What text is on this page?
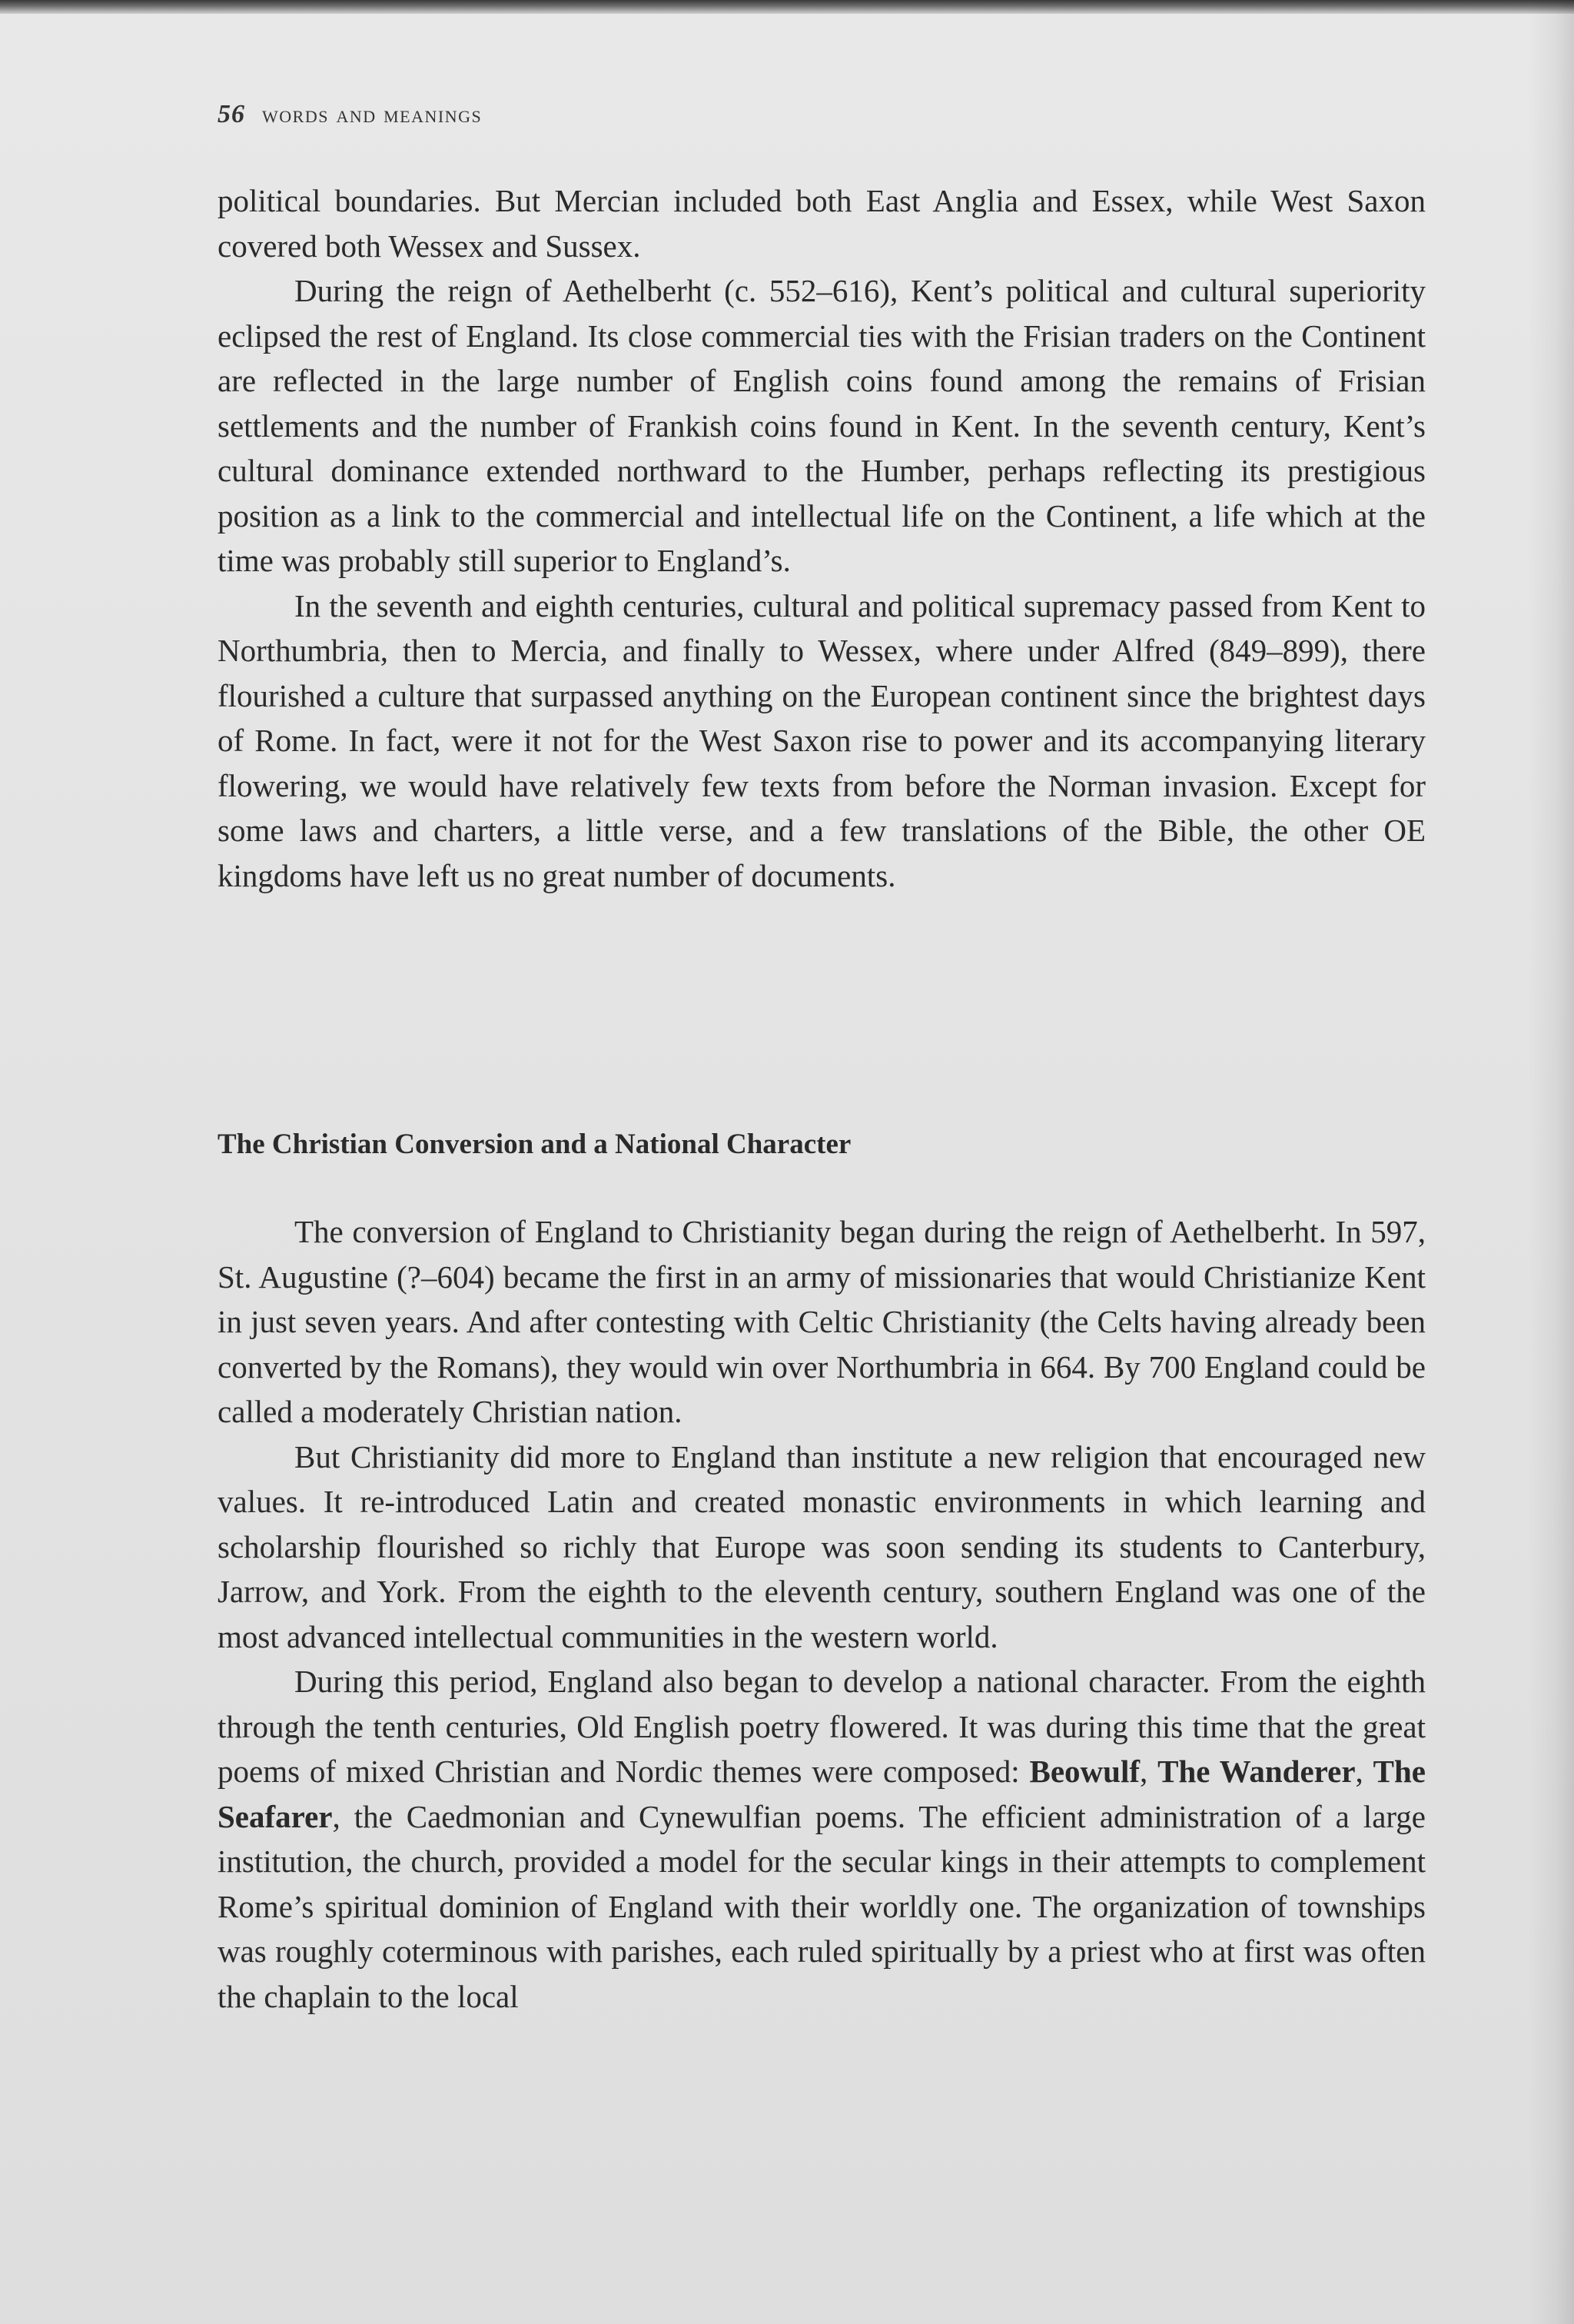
56 words and meanings

political boundaries. But Mercian included both East Anglia and Essex, while West Saxon covered both Wessex and Sussex.

During the reign of Aethelberht (c. 552–616), Kent’s political and cultural superiority eclipsed the rest of England. Its close commercial ties with the Frisian traders on the Continent are reflected in the large number of English coins found among the remains of Frisian settlements and the number of Frankish coins found in Kent. In the seventh century, Kent’s cultural dominance extended northward to the Humber, perhaps reflecting its prestigious position as a link to the commercial and intellectual life on the Continent, a life which at the time was probably still superior to England’s.

In the seventh and eighth centuries, cultural and political supremacy passed from Kent to Northumbria, then to Mercia, and finally to Wessex, where under Alfred (849–899), there flourished a culture that surpassed anything on the European continent since the brightest days of Rome. In fact, were it not for the West Saxon rise to power and its accompanying literary flowering, we would have relatively few texts from before the Norman invasion. Except for some laws and charters, a little verse, and a few translations of the Bible, the other OE kingdoms have left us no great number of documents.

The Christian Conversion and a National Character

The conversion of England to Christianity began during the reign of Aethelberht. In 597, St. Augustine (?–604) became the first in an army of missionaries that would Christianize Kent in just seven years. And after contesting with Celtic Christianity (the Celts having already been converted by the Romans), they would win over Northumbria in 664. By 700 England could be called a moderately Christian nation.

But Christianity did more to England than institute a new religion that encouraged new values. It re-introduced Latin and created monastic environments in which learning and scholarship flourished so richly that Europe was soon sending its students to Canterbury, Jarrow, and York. From the eighth to the eleventh century, southern England was one of the most advanced intellectual communities in the western world.

During this period, England also began to develop a national character. From the eighth through the tenth centuries, Old English poetry flowered. It was during this time that the great poems of mixed Christian and Nordic themes were composed: Beowulf, The Wanderer, The Seafarer, the Caedmonian and Cynewulfian poems. The efficient administration of a large institution, the church, provided a model for the secular kings in their attempts to complement Rome’s spiritual dominion of England with their worldly one. The organization of townships was roughly coterminous with parishes, each ruled spiritually by a priest who at first was often the chaplain to the local
